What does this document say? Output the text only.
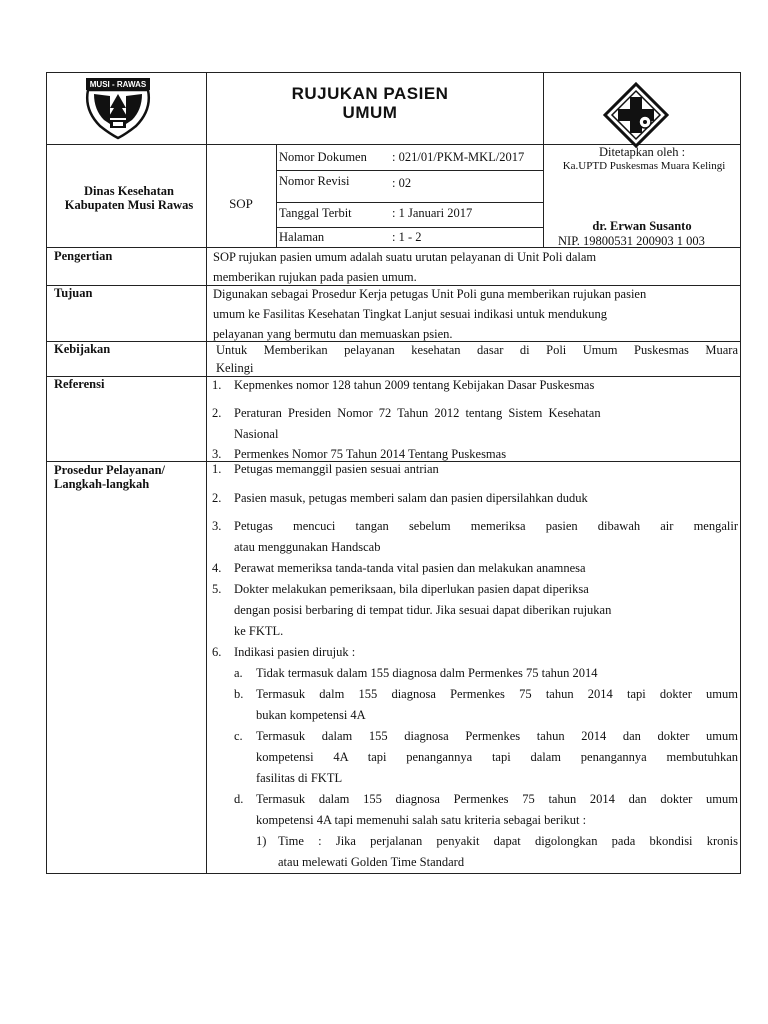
MUSI - RAWAS	RUJUKAN PASIEN
UMUM
Dinas Kesehatan
Kabupaten Musi Rawas	SOP
Nomor Dokumen : 021/01/PKM-MKL/2017
Nomor Revisi	: 02
Tanggal Terbit	: 1 Januari 2017
Halaman	: 1 - 2
Ditetapkan oleh :
Ka.UPTD Puskesmas Muara Kelingi
dr. Erwan Susanto
NIP. 19800531 200903 1 003
Pengertian	SOP rujukan pasien umum adalah suatu urutan pelayanan di Unit Poli dalam
memberikan rujukan pada pasien umum.
Tujuan	Digunakan sebagai Prosedur Kerja petugas Unit Poli guna memberikan rujukan pasien
umum ke Fasilitas Kesehatan Tingkat Lanjut sesuai indikasi untuk mendukung
pelayanan yang bermutu dan memuaskan psien.
Kebijakan	Untuk Memberikan pelayanan kesehatan dasar di Poli Umum Puskesmas Muara
Kelingi
Referensi	1. Kepmenkes nomor 128 tahun 2009 tentang Kebijakan Dasar Puskesmas
2. Peraturan Presiden Nomor 72 Tahun 2012 tentang Sistem Kesehatan
Nasional
3. Permenkes Nomor 75 Tahun 2014 Tentang Puskesmas
Prosedur Pelayanan/
Langkah-langkah
1. Petugas memanggil pasien sesuai antrian
2. Pasien masuk, petugas memberi salam dan pasien dipersilahkan duduk
3. Petugas mencuci tangan sebelum memeriksa pasien dibawah air mengalir
atau menggunakan Handscab
4. Perawat memeriksa tanda-tanda vital pasien dan melakukan anamnesa
5. Dokter melakukan pemeriksaan, bila diperlukan pasien dapat diperiksa
dengan posisi berbaring di tempat tidur. Jika sesuai dapat diberikan rujukan
ke FKTL.
6. Indikasi pasien dirujuk :
a. Tidak termasuk dalam 155 diagnosa dalm Permenkes 75 tahun 2014
b. Termasuk dalm 155 diagnosa Permenkes 75 tahun 2014 tapi dokter umum
bukan kompetensi 4A
c. Termasuk dalam 155 diagnosa Permenkes tahun 2014 dan dokter umum
kompetensi 4A tapi penangannya tapi dalam penangannya membutuhkan
fasilitas di FKTL
d. Termasuk dalam 155 diagnosa Permenkes 75 tahun 2014 dan dokter umum
kompetensi 4A tapi memenuhi salah satu kriteria sebagai berikut :
1) Time : Jika perjalanan penyakit dapat digolongkan pada bkondisi kronis
atau melewati Golden Time Standard
